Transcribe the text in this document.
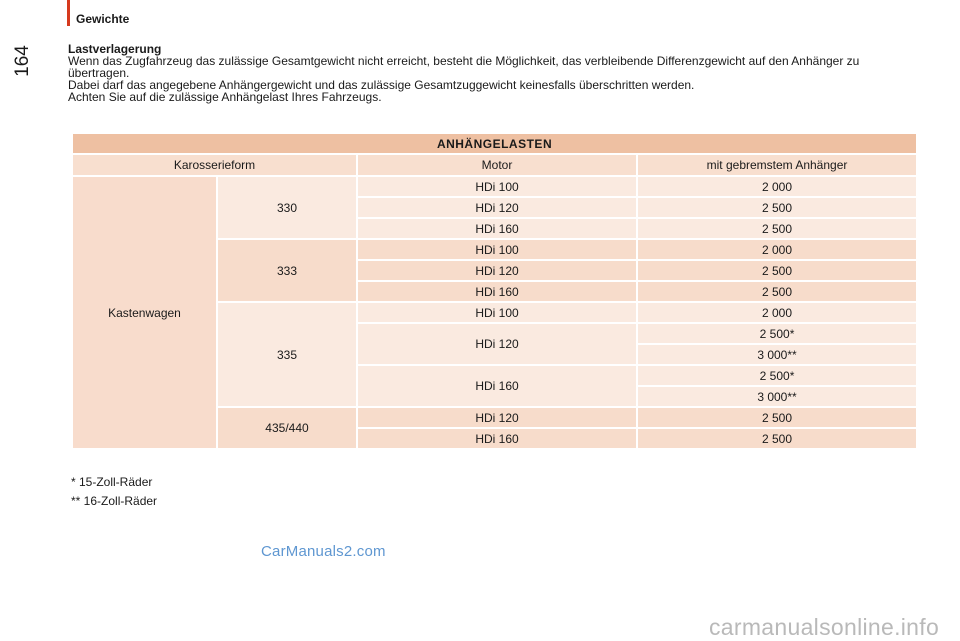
Gewichte
164	Lastverlagerung

Wenn das Zugfahrzeug das zulässige Gesamtgewicht nicht erreicht, besteht die Möglichkeit, das verbleibende Differenzgewicht auf den Anhänger zu übertragen.

Dabei darf das angegebene Anhängergewicht und das zulässige Gesamtzuggewicht keinesfalls überschritten werden.

Achten Sie auf die zulässige Anhängelast Ihres Fahrzeugs.

ANHÄNGELASTEN			
Karosserieform		Motor	mit gebremstem Anhänger
Kastenwagen	330	HDi 100	2 000
		HDi 120	2 500
		HDi 160	2 500
	333	HDi 100	2 000
		HDi 120	2 500
		HDi 160	2 500
	335	HDi 100	2 000
		HDi 120	2 500*
			3 000**
		HDi 160	2 500*
			3 000**
	435/440	HDi 120	2 500
		HDi 160	2 500
* 15-Zoll-Räder
** 16-Zoll-Räder
CarManuals2.com
carmanualsonline.info
